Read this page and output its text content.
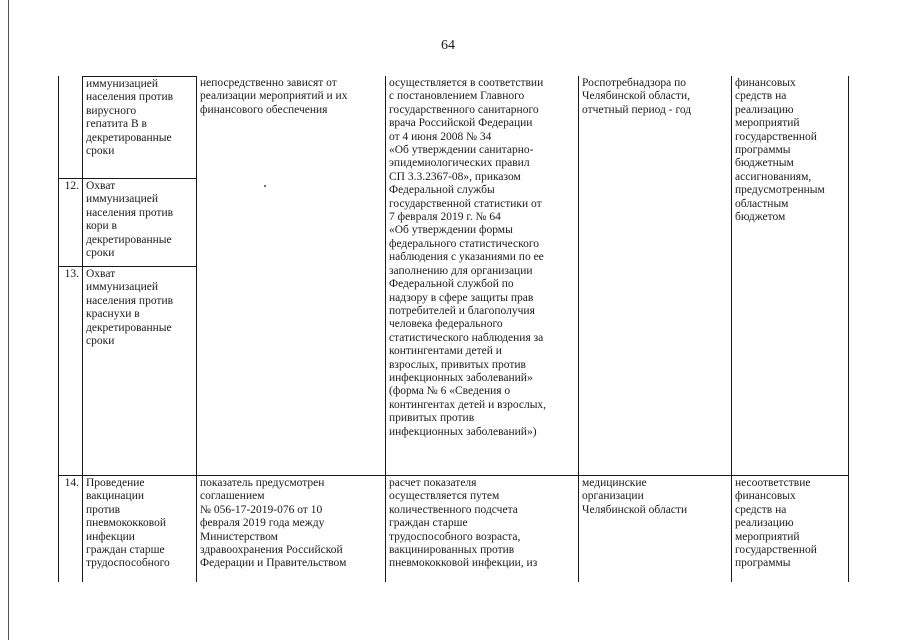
64
иммунизацией
населения против
вирусного
гепатита В в
декретированные
сроки
12. Охват
иммунизацией
населения против
кори в
декретированные
сроки
13. Охват
иммунизацией
населения против
краснухи в
декретированные
сроки
непосредственно зависят от
реализации мероприятий и их
финансового обеспечения
осуществляется в соответствии
с постановлением Главного
государственного санитарного
врача Российской Федерации
от 4 июня 2008 № 34
«Об утверждении санитарно-
эпидемиологических правил
СП 3.3.2367-08», приказом
Федеральной службы
государственной статистики от
7 февраля 2019 г. № 64
«Об утверждении формы
федерального статистического
наблюдения с указаниями по ее
заполнению для организации
Федеральной службой по
надзору в сфере защиты прав
потребителей и благополучия
человека федерального
статистического наблюдения за
контингентами детей и
взрослых, привитых против
инфекционных заболеваний»
(форма № 6 «Сведения о
контингентах детей и взрослых,
привитых против
инфекционных заболеваний»)
Роспотребнадзора по
Челябинской области,
отчетный период - год
финансовых
средств на
реализацию
мероприятий
государственной
программы
бюджетным
ассигнованиям,
предусмотренным
областным
бюджетом
14. Проведение
вакцинации
против
пневмококковой
инфекции
граждан старше
трудоспособного
показатель предусмотрен
соглашением
№ 056-17-2019-076 от 10
февраля 2019 года между
Министерством
здравоохранения Российской
Федерации и Правительством
расчет показателя
осуществляется путем
количественного подсчета
граждан старше
трудоспособного возраста,
вакцинированных против
пневмококковой инфекции, из
медицинские
организации
Челябинской области
несоответствие
финансовых
средств на
реализацию
мероприятий
государственной
программы
